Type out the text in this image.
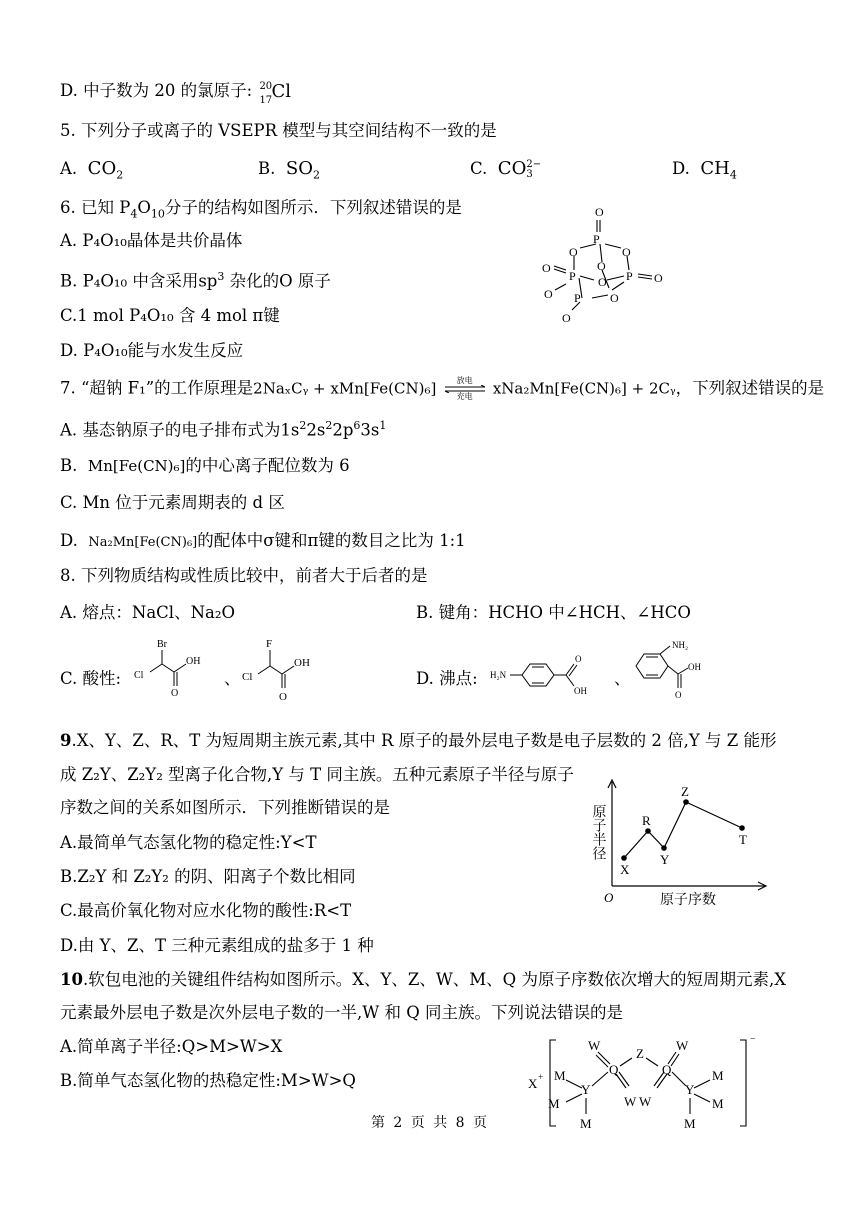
D. 中子数为 20 的氯原子: 20
17 Cl
5. 下列分子或离子的 VSEPR 模型与其空间结构不一致的是
A. $CO_2$	B. $SO_2$	C. CO 2−
3	D. $CH_4$
6. 已知 $P_4O_{10}$分子的结构如图所示．下列叙述错误的是
A. P₄O₁₀晶体是共价晶体
B. P₄O₁₀ 中含采用$sp^3$ 杂化的O 原子
C.1 mol P₄O₁₀ 含 4 mol π键
D. P₄O₁₀能与水发生反应
O
P
O	O
O
P	P
O
O
O
O P O
O
7. “超钠 F₁”的工作原理是2NaₓCᵧ + xMn[Fe(CN)₆]	放电
充电 xNa₂Mn[Fe(CN)₆] + 2Cᵧ，下列叙述错误的是
A. 基态钠原子的电子排布式为$1s^22s^22p^63s^1$
B. Mn[Fe(CN)₆]的中心离子配位数为 6
C. Mn 位于元素周期表的 d 区
D. Na₂Mn[Fe(CN)₆]的配体中σ键和π键的数目之比为 1:1
8. 下列物质结构或性质比较中，前者大于后者的是
A. 熔点：NaCl、Na₂O	B. 键角：HCHO 中∠HCH、∠HCO
C. 酸性:
Br
Cl
OH
O
、
F
Cl
OH
O
D. 沸点: H₂N
O
OH
、
NH₂
OH
O
9.X、Y、Z、R、T 为短周期主族元素,其中 R 原子的最外层电子数是电子层数的 2 倍,Y 与 Z 能形
成 Z₂Y、Z₂Y₂ 型离子化合物,Y 与 T 同主族。五种元素原子半径与原子
序数之间的关系如图所示．下列推断错误的是
A.最简单气态氢化物的稳定性:Y<T
B.Z₂Y 和 Z₂Y₂ 的阴、阳离子个数比相同
C.最高价氧化物对应水化物的酸性:R<T
D.由 Y、Z、T 三种元素组成的盐多于 1 种
原子半径
原子序数
O
X
R
Y
Z
T
10.软包电池的关键组件结构如图所示。X、Y、Z、W、M、Q 为原子序数依次增大的短周期元素,X
元素最外层电子数是次外层电子数的一半,W 和 Q 同主族。下列说法错误的是
A.简单离子半径:Q>M>W>X
B.简单气态氢化物的热稳定性:M>W>Q	X +
−
M
M
Y
M
W
Q
W
Z
W
Q
W
Y
M
M
M
第 2 页 共 8 页
